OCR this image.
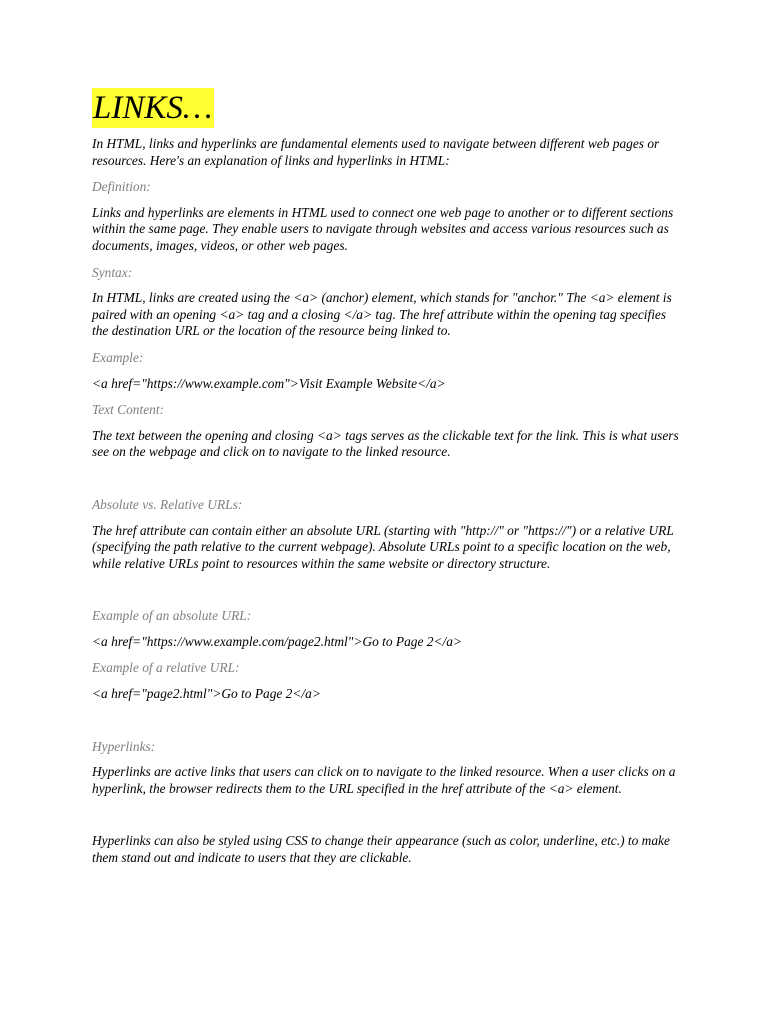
LINKS…

In HTML, links and hyperlinks are fundamental elements used to navigate between different web pages or resources. Here's an explanation of links and hyperlinks in HTML:

Definition:

Links and hyperlinks are elements in HTML used to connect one web page to another or to different sections within the same page. They enable users to navigate through websites and access various resources such as documents, images, videos, or other web pages.

Syntax:

In HTML, links are created using the <a> (anchor) element, which stands for "anchor." The <a> element is paired with an opening <a> tag and a closing </a> tag. The href attribute within the opening tag specifies the destination URL or the location of the resource being linked to.

Example:

<a href="https://www.example.com">Visit Example Website</a>

Text Content:

The text between the opening and closing <a> tags serves as the clickable text for the link. This is what users see on the webpage and click on to navigate to the linked resource.

Absolute vs. Relative URLs:

The href attribute can contain either an absolute URL (starting with "http://" or "https://") or a relative URL (specifying the path relative to the current webpage). Absolute URLs point to a specific location on the web, while relative URLs point to resources within the same website or directory structure.

Example of an absolute URL:

<a href="https://www.example.com/page2.html">Go to Page 2</a>

Example of a relative URL:

<a href="page2.html">Go to Page 2</a>

Hyperlinks:

Hyperlinks are active links that users can click on to navigate to the linked resource. When a user clicks on a hyperlink, the browser redirects them to the URL specified in the href attribute of the <a> element.

Hyperlinks can also be styled using CSS to change their appearance (such as color, underline, etc.) to make them stand out and indicate to users that they are clickable.
